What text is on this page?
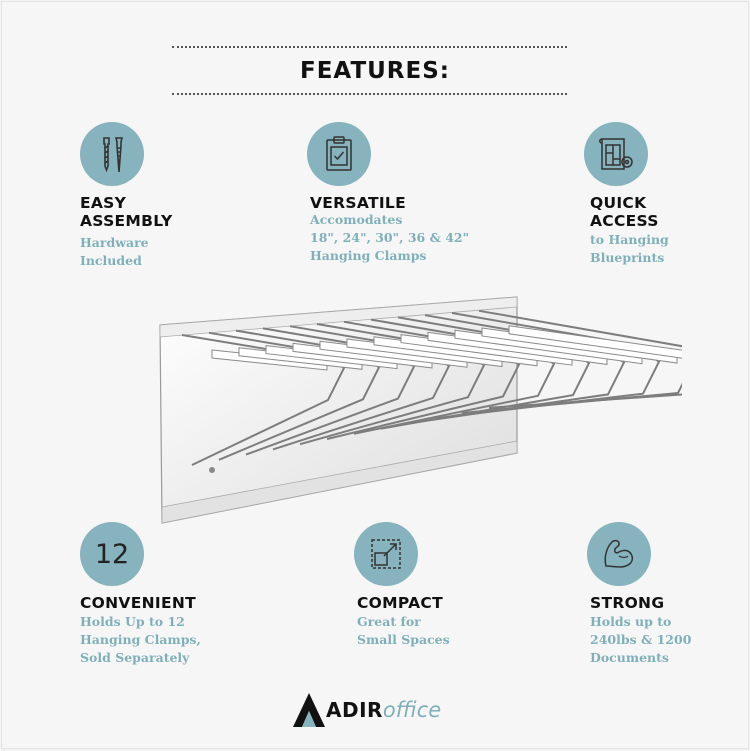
FEATURES:
EASY
ASSEMBLY
Hardware
Included
VERSATILE
Accomodates
18", 24", 30", 36 & 42"
Hanging Clamps
QUICK
ACCESS
to Hanging
Blueprints
12
CONVENIENT
Holds Up to 12
Hanging Clamps,
Sold Separately
COMPACT
Great for
Small Spaces
STRONG
Holds up to
240lbs & 1200
Documents
ADIR office
